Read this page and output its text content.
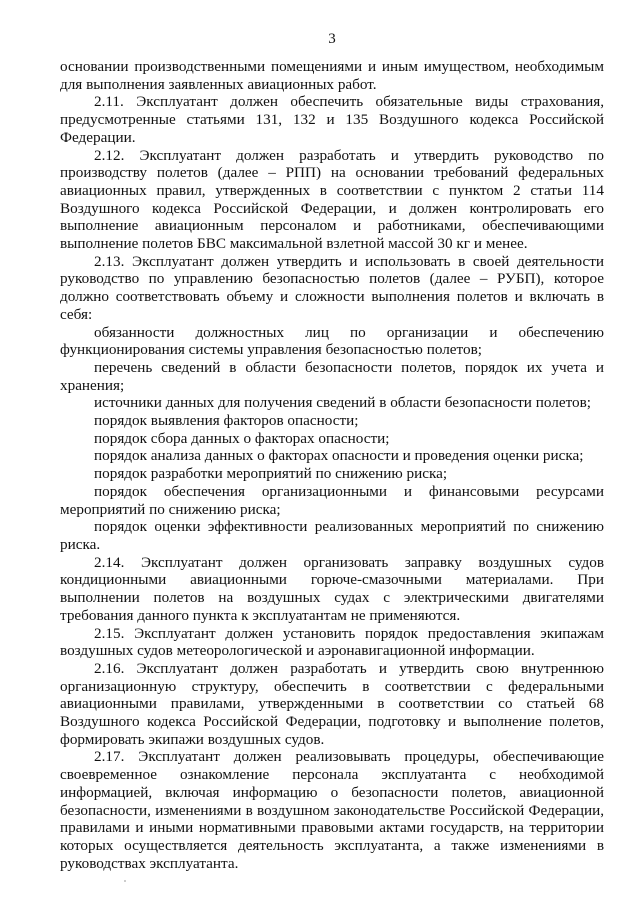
3

основании производственными помещениями и иным имуществом, необходимым для выполнения заявленных авиационных работ.

2.11. Эксплуатант должен обеспечить обязательные виды страхования, предусмотренные статьями 131, 132 и 135 Воздушного кодекса Российской Федерации.

2.12. Эксплуатант должен разработать и утвердить руководство по производству полетов (далее – РПП) на основании требований федеральных авиационных правил, утвержденных в соответствии с пунктом 2 статьи 114 Воздушного кодекса Российской Федерации, и должен контролировать его выполнение авиационным персоналом и работниками, обеспечивающими выполнение полетов БВС максимальной взлетной массой 30 кг и менее.

2.13. Эксплуатант должен утвердить и использовать в своей деятельности руководство по управлению безопасностью полетов (далее – РУБП), которое должно соответствовать объему и сложности выполнения полетов и включать в себя:

обязанности должностных лиц по организации и обеспечению функционирования системы управления безопасностью полетов;

перечень сведений в области безопасности полетов, порядок их учета и хранения;

источники данных для получения сведений в области безопасности полетов;

порядок выявления факторов опасности;

порядок сбора данных о факторах опасности;

порядок анализа данных о факторах опасности и проведения оценки риска;

порядок разработки мероприятий по снижению риска;

порядок обеспечения организационными и финансовыми ресурсами мероприятий по снижению риска;

порядок оценки эффективности реализованных мероприятий по снижению риска.

2.14. Эксплуатант должен организовать заправку воздушных судов кондиционными авиационными горюче-смазочными материалами. При выполнении полетов на воздушных судах с электрическими двигателями требования данного пункта к эксплуатантам не применяются.

2.15. Эксплуатант должен установить порядок предоставления экипажам воздушных судов метеорологической и аэронавигационной информации.

2.16. Эксплуатант должен разработать и утвердить свою внутреннюю организационную структуру, обеспечить в соответствии с федеральными авиационными правилами, утвержденными в соответствии со статьей 68 Воздушного кодекса Российской Федерации, подготовку и выполнение полетов, формировать экипажи воздушных судов.

2.17. Эксплуатант должен реализовывать процедуры, обеспечивающие своевременное ознакомление персонала эксплуатанта с необходимой информацией, включая информацию о безопасности полетов, авиационной безопасности, изменениями в воздушном законодательстве Российской Федерации, правилами и иными нормативными правовыми актами государств, на территории которых осуществляется деятельность эксплуатанта, а также изменениями в руководствах эксплуатанта.
